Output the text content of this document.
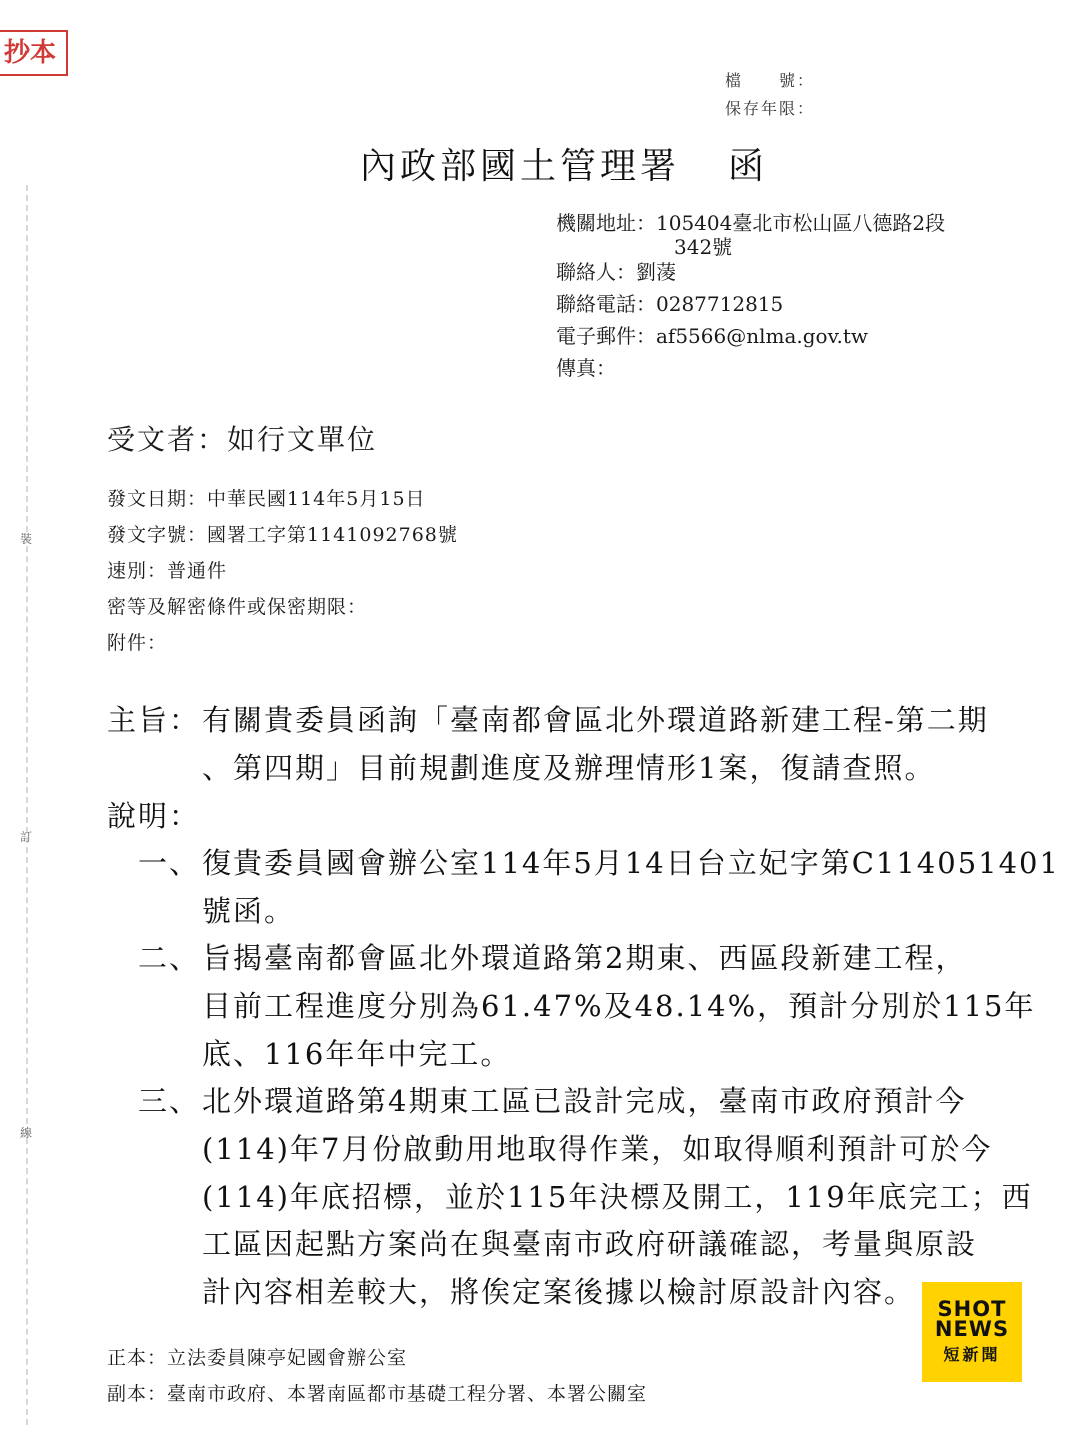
抄本
裝
訂
線
檔　　號：
保存年限：
內政部國土管理署 函
機關地址：105404臺北市松山區八德路2段
342號
聯絡人：劉蓤
聯絡電話：0287712815
電子郵件：af5566@nlma.gov.tw
傳真：
受文者：如行文單位
發文日期：中華民國114年5月15日
發文字號：國署工字第1141092768號
速別：普通件
密等及解密條件或保密期限：
附件：
主旨： 有關貴委員函詢「臺南都會區北外環道路新建工程-第二期
、第四期」目前規劃進度及辦理情形1案，復請查照。
說明：
一、 復貴委員國會辦公室114年5月14日台立妃字第C114051401
號函。
二、 旨揭臺南都會區北外環道路第2期東、西區段新建工程，
目前工程進度分別為61.47%及48.14%，預計分別於115年
底、116年年中完工。
三、 北外環道路第4期東工區已設計完成，臺南市政府預計今
(114)年7月份啟動用地取得作業，如取得順利預計可於今
(114)年底招標，並於115年決標及開工，119年底完工；西
工區因起點方案尚在與臺南市政府研議確認，考量與原設
計內容相差較大，將俟定案後據以檢討原設計內容。
正本：立法委員陳亭妃國會辦公室
副本：臺南市政府、本署南區都市基礎工程分署、本署公關室
SHOT
NEWS
短新聞
